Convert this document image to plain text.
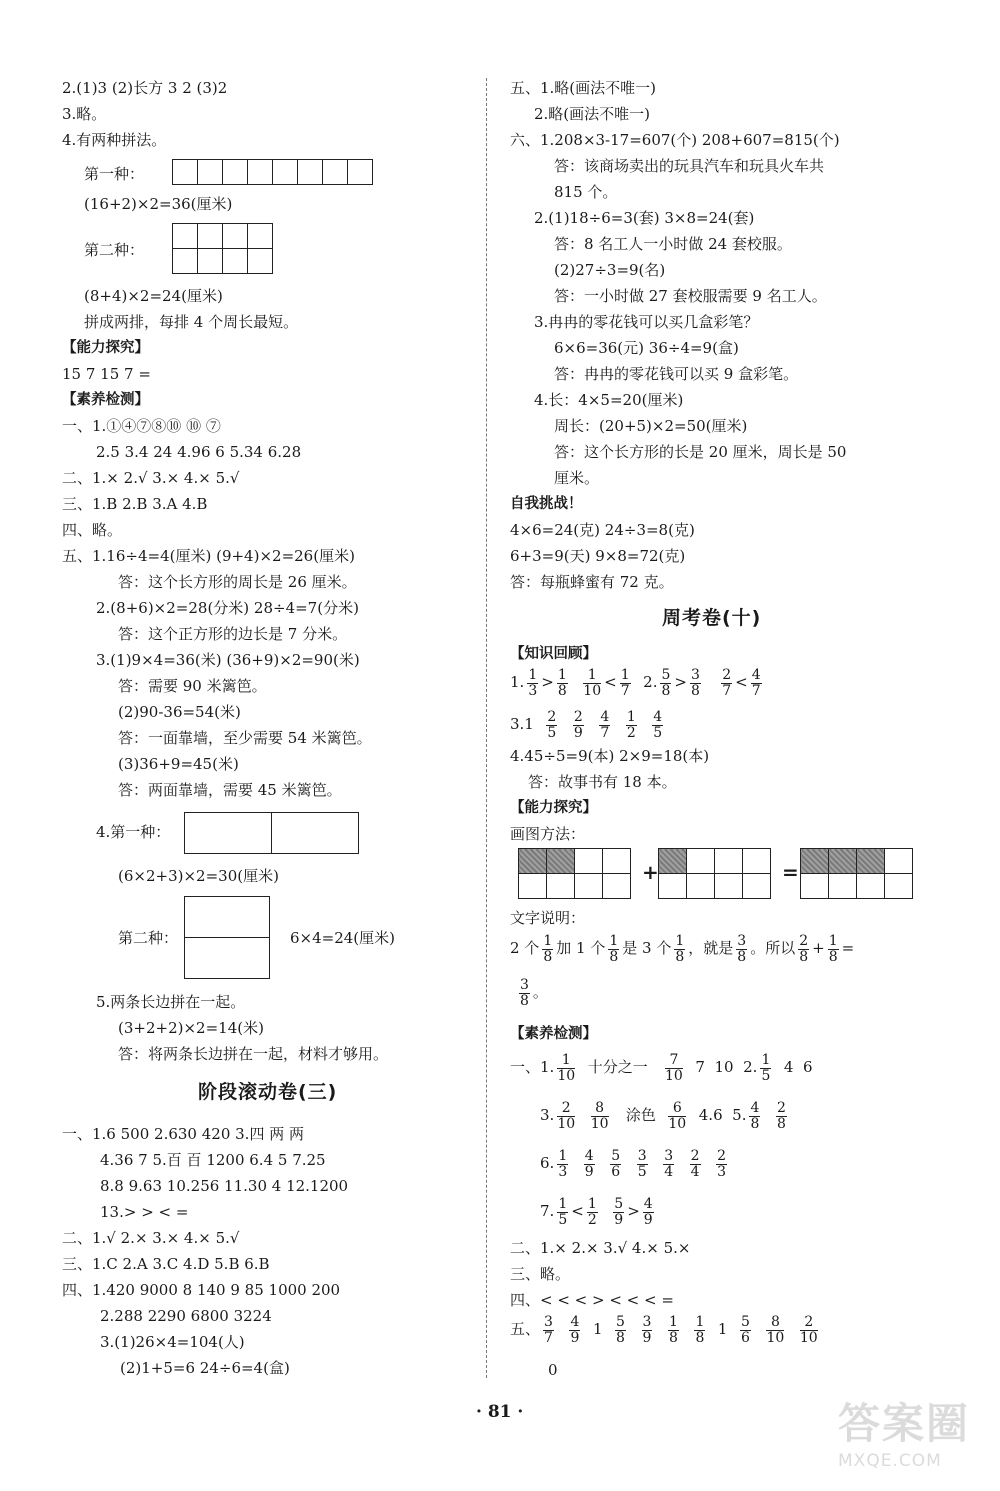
2.(1)3 (2)长方 3 2 (3)2
3.略。
4.有两种拼法。
第一种：

(16+2)×2=36(厘米)
第二种：

(8+4)×2=24(厘米)
拼成两排，每排 4 个周长最短。
【能力探究】
15 7 15 7 =
【素养检测】
一、1.①④⑦⑧⑩ ⑩ ⑦
2.5 3.4 24 4.96 6 5.34 6.28
二、1.× 2.√ 3.× 4.× 5.√
三、1.B 2.B 3.A 4.B
四、略。
五、1.16÷4=4(厘米) (9+4)×2=26(厘米)
答：这个长方形的周长是 26 厘米。
2.(8+6)×2=28(分米) 28÷4=7(分米)
答：这个正方形的边长是 7 分米。
3.(1)9×4=36(米) (36+9)×2=90(米)
答：需要 90 米篱笆。
(2)90-36=54(米)
答：一面靠墙，至少需要 54 米篱笆。
(3)36+9=45(米)
答：两面靠墙，需要 45 米篱笆。
4.第一种：

(6×2+3)×2=30(厘米)
第二种：	6×4=24(厘米)
5.两条长边拼在一起。
(3+2+2)×2=14(米)
答：将两条长边拼在一起，材料才够用。
阶段滚动卷(三)
一、1.6 500 2.630 420 3.四 两 两
4.36 7 5.百 百 1200 6.4 5 7.25
8.8 9.63 10.256 11.30 4 12.1200
13.> > < =
二、1.√ 2.× 3.× 4.× 5.√
三、1.C 2.A 3.C 4.D 5.B 6.B
四、1.420 9000 8 140 9 85 1000 200
2.288 2290 6800 3224
3.(1)26×4=104(人)
(2)1+5=6 24÷6=4(盒)
五、1.略(画法不唯一)
2.略(画法不唯一)
六、1.208×3-17=607(个) 208+607=815(个)
答：该商场卖出的玩具汽车和玩具火车共
815 个。
2.(1)18÷6=3(套) 3×8=24(套)
答：8 名工人一小时做 24 套校服。
(2)27÷3=9(名)
答：一小时做 27 套校服需要 9 名工人。
3.冉冉的零花钱可以买几盒彩笔？
6×6=36(元) 36÷4=9(盒)
答：冉冉的零花钱可以买 9 盒彩笔。
4.长：4×5=20(厘米)
周长：(20+5)×2=50(厘米)
答：这个长方形的长是 20 厘米，周长是 50
厘米。
自我挑战！
4×6=24(克) 24÷3=8(克)
6+3=9(天) 9×8=72(克)
答：每瓶蜂蜜有 72 克。
周考卷(十)
【知识回顾】
1. $\frac{1}{3} > \frac{1}{8}$
$\frac{1}{10} < \frac{1}{7} 2$. $\frac{5}{8} > \frac{3}{8}$
$\frac{2}{7} < \frac{4}{7}$
$3.1 \frac{2}{5}$
$\frac{2}{9}$
$\frac{4}{7}$
$\frac{1}{2}$
$\frac{4}{5}$
4.45÷5=9(本) 2×9=18(本)
答：故事书有 18 本。
【能力探究】
画图方法：

+

				=

文字说明：
2 个 $\frac{1}{8}$ 加 1 个 $\frac{1}{8}$ 是 3 个 $\frac{1}{8}$ ，就是 $\frac{3}{8}$ 。所以 $\frac{2}{8} + \frac{1}{8}$ =
$\frac{3}{8}$ 。
【素养检测】
一、1. $\frac{1}{10}$ 十分之一 $\frac{7}{10} 7$ 10 2. $\frac{1}{5} 4$ 6
3. $\frac{2}{10}$
$\frac{8}{10}$ 涂色 $\frac{6}{10} 4.6$ 5. $\frac{4}{8}$
$\frac{2}{8}$
6. $\frac{1}{3}$
$\frac{4}{9}$
$\frac{5}{6}$
$\frac{3}{5}$
$\frac{3}{4}$
$\frac{2}{4}$
$\frac{2}{3}$
7. $\frac{1}{5} < \frac{1}{2}$
$\frac{5}{9} > \frac{4}{9}$
二、1.× 2.× 3.√ 4.× 5.×
三、略。
四、< < < > < < < =
五、 $\frac{3}{7}$
$\frac{4}{9} 1 \frac{5}{8}$
$\frac{3}{9}$
$\frac{1}{8}$
$\frac{1}{8} 1 \frac{5}{6}$
$\frac{8}{10}$
$\frac{2}{10}$
0
· 81 ·	答案圈
MXQE.COM
